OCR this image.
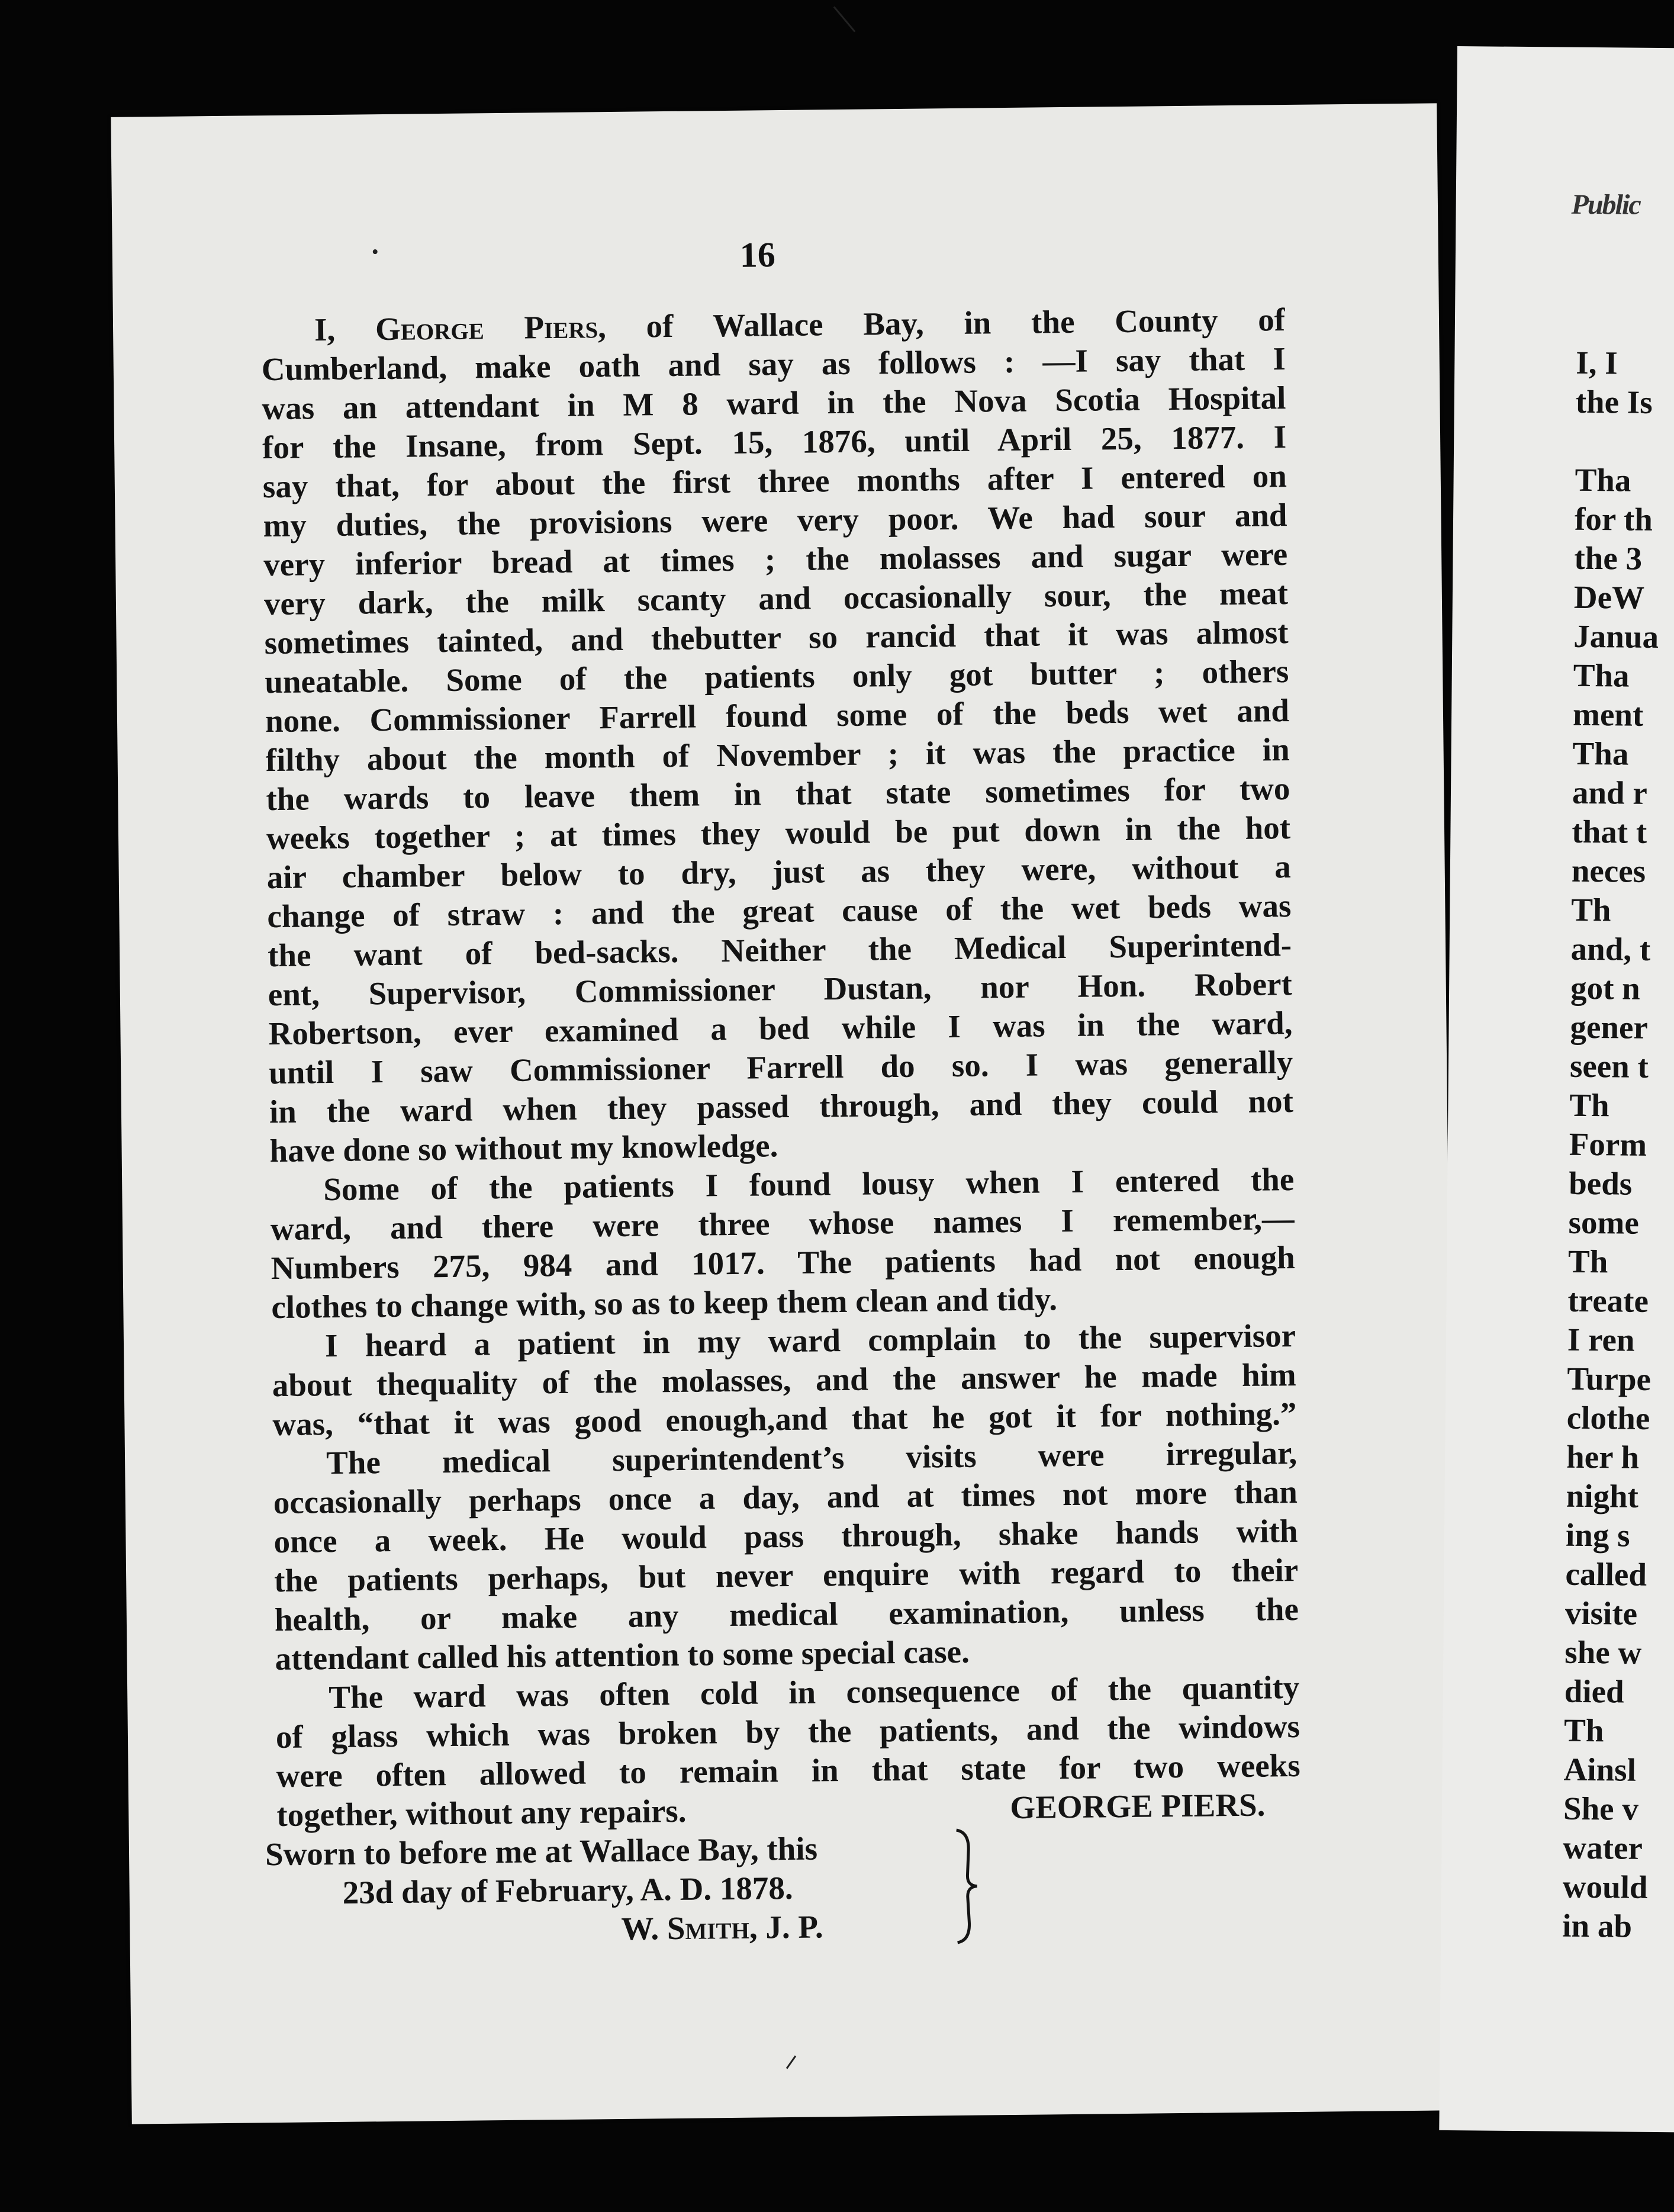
16
I, George Piers, of Wallace Bay, in the County of
Cumberland, make oath and say as follows : —I say that I
was an attendant in M 8 ward in the Nova Scotia Hospital
for the Insane, from Sept. 15, 1876, until April 25, 1877. I
say that, for about the first three months after I entered on
my duties, the provisions were very poor. We had sour and
very inferior bread at times ; the molasses and sugar were
very dark, the milk scanty and occasionally sour, the meat
sometimes tainted, and thebutter so rancid that it was almost
uneatable. Some of the patients only got butter ; others
none. Commissioner Farrell found some of the beds wet and
filthy about the month of November ; it was the practice in
the wards to leave them in that state sometimes for two
weeks together ; at times they would be put down in the hot
air chamber below to dry, just as they were, without a
change of straw : and the great cause of the wet beds was
the want of bed-sacks. Neither the Medical Superintend-
ent, Supervisor, Commissioner Dustan, nor Hon. Robert
Robertson, ever examined a bed while I was in the ward,
until I saw Commissioner Farrell do so. I was generally
in the ward when they passed through, and they could not
have done so without my knowledge.
Some of the patients I found lousy when I entered the
ward, and there were three whose names I remember,—
Numbers 275, 984 and 1017. The patients had not enough
clothes to change with, so as to keep them clean and tidy.
I heard a patient in my ward complain to the supervisor
about thequality of the molasses, and the answer he made him
was, “that it was good enough,and that he got it for nothing.”
The medical superintendent’s visits were irregular,
occasionally perhaps once a day, and at times not more than
once a week. He would pass through, shake hands with
the patients perhaps, but never enquire with regard to their
health, or make any medical examination, unless the
attendant called his attention to some special case.
The ward was often cold in consequence of the quantity
of glass which was broken by the patients, and the windows
were often allowed to remain in that state for two weeks
together, without any repairs.	GEORGE PIERS.
Sworn to before me at Wallace Bay, this
23d day of February, A. D. 1878.
W. Smith, J. P.
Public
I, I
the Is
Tha
for th
the 3
DeW
Janua
Tha
ment
Tha
and r
that t
neces
Th
and, t
got n
gener
seen t
Th
Form
beds
some
Th
treate
I ren
Turpe
clothe
her h
night
ing s
called
visite
she w
died
Th
Ainsl
She v
water
would
in ab
